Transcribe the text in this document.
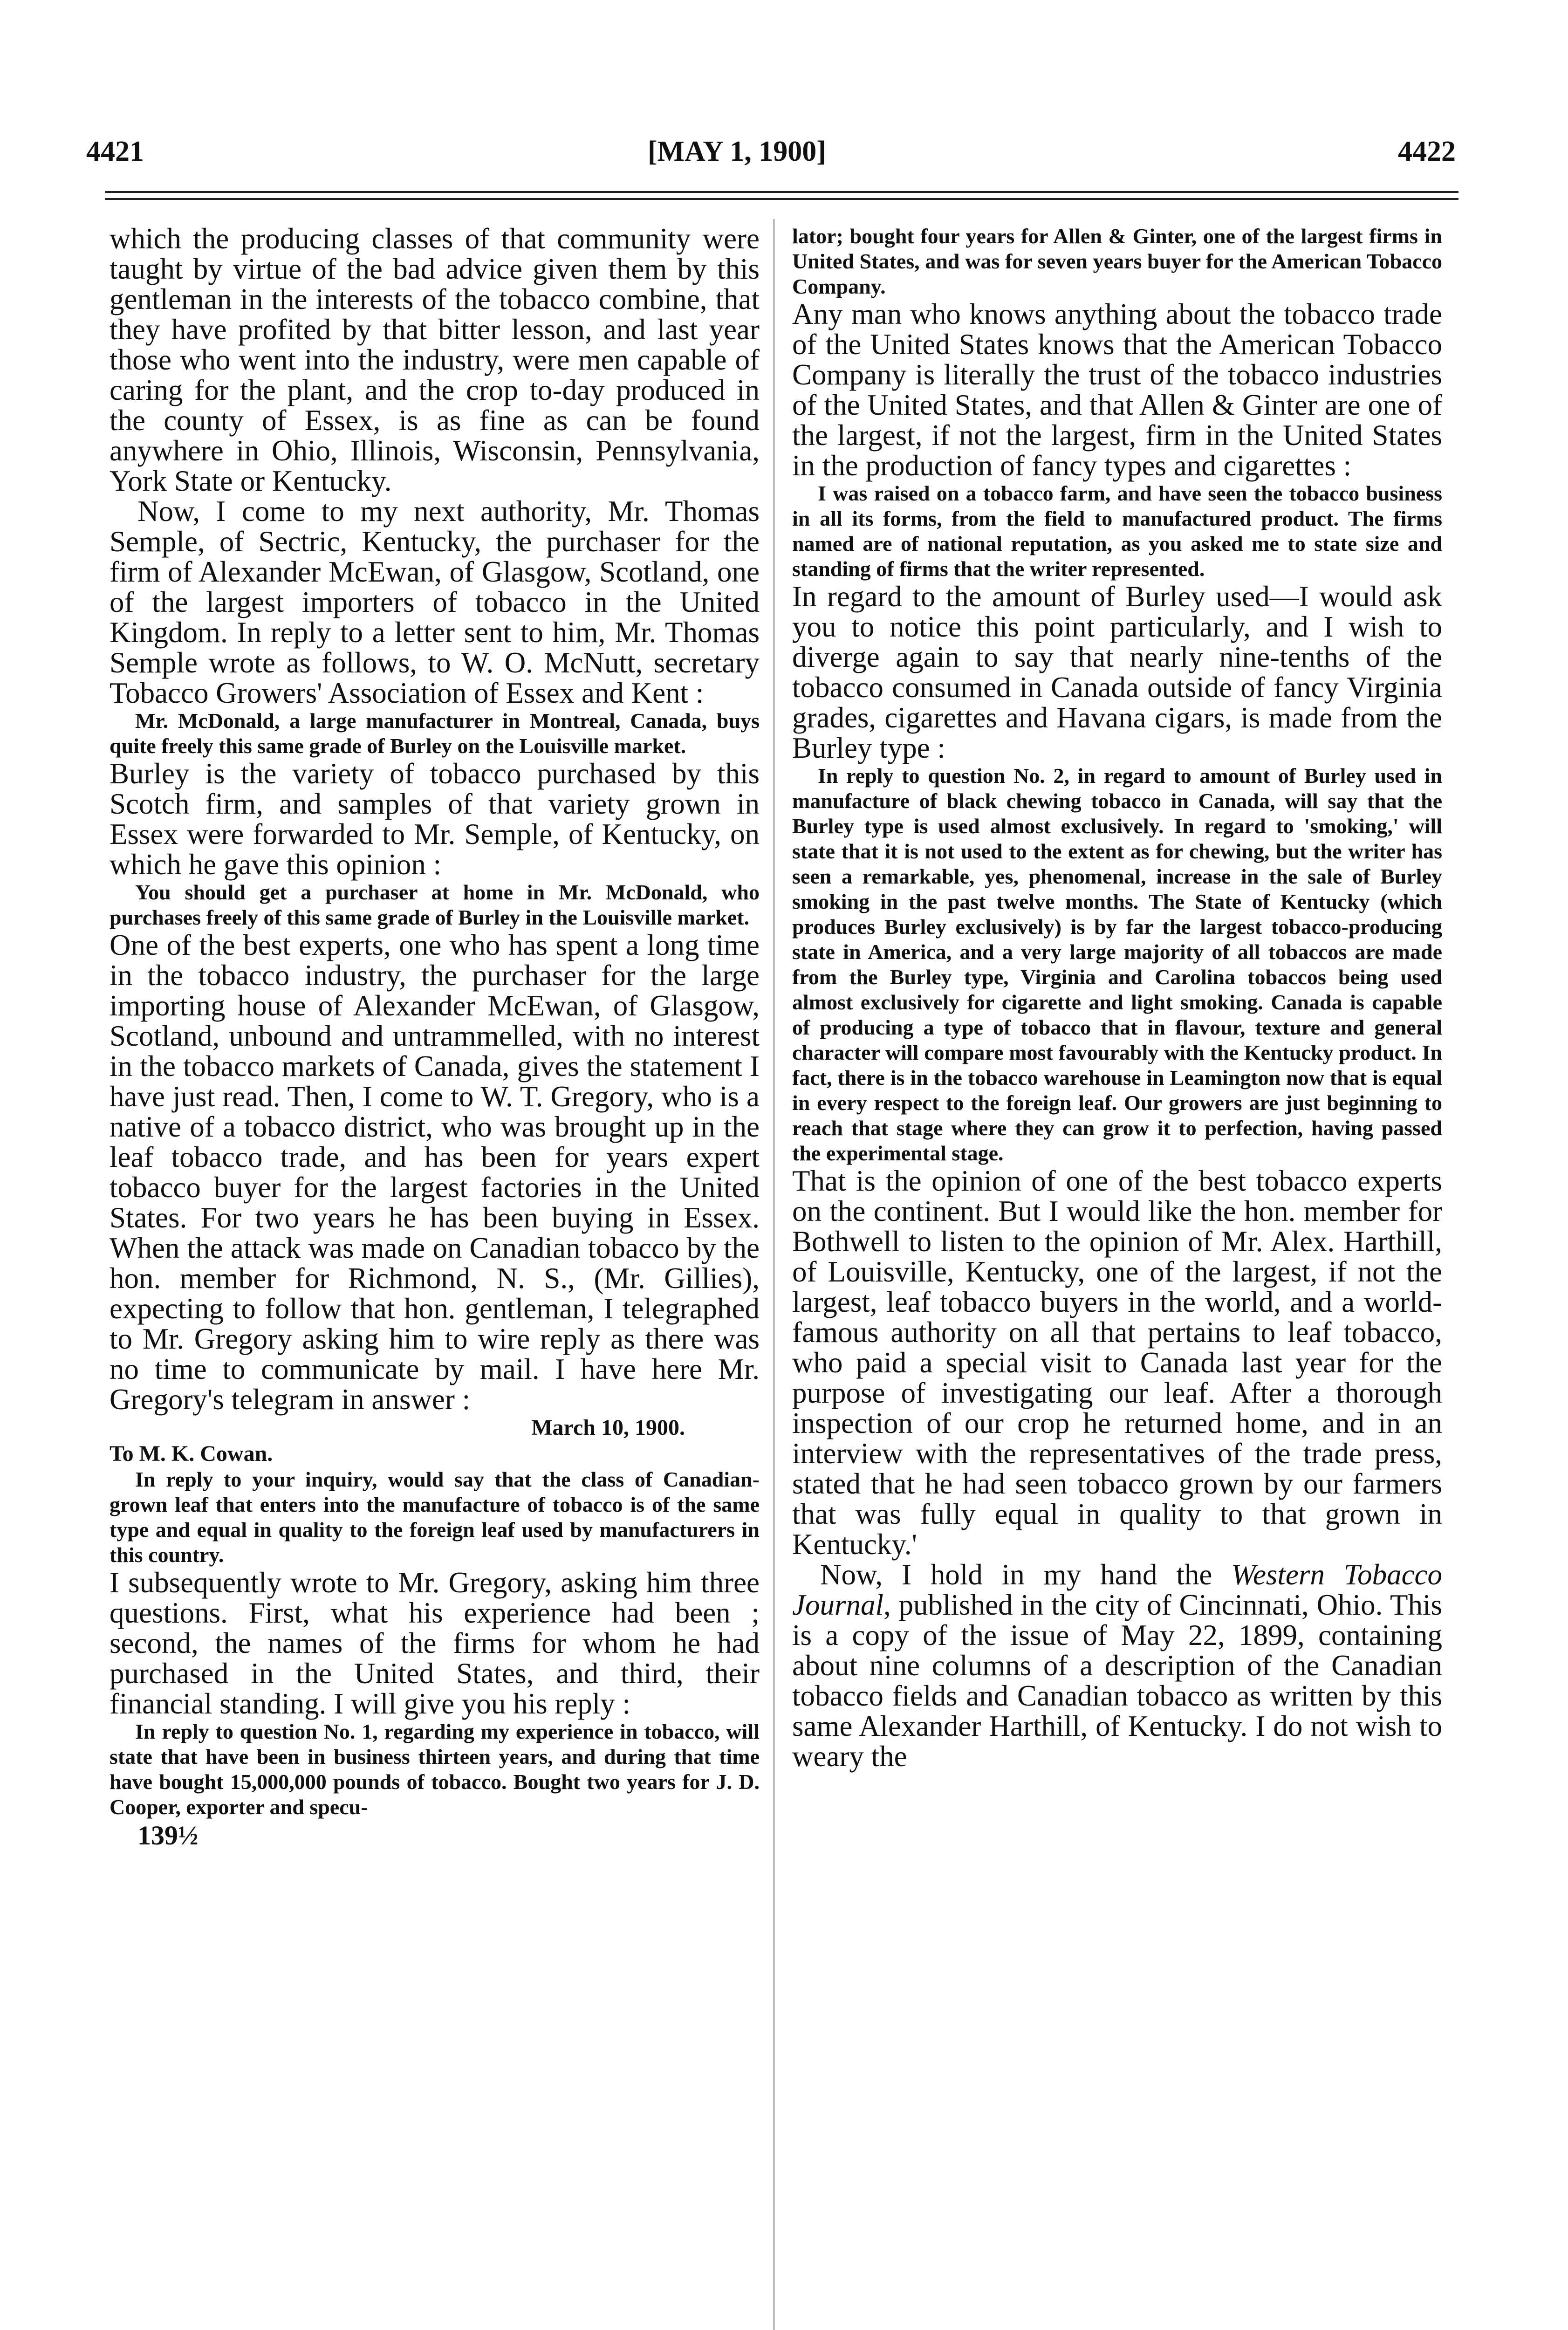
4421	[MAY 1, 1900]	4422

which the producing classes of that community were taught by virtue of the bad advice given them by this gentleman in the interests of the tobacco combine, that they have profited by that bitter lesson, and last year those who went into the industry, were men capable of caring for the plant, and the crop to-day produced in the county of Essex, is as fine as can be found anywhere in Ohio, Illinois, Wisconsin, Pennsylvania, York State or Kentucky.

Now, I come to my next authority, Mr. Thomas Semple, of Sectric, Kentucky, the purchaser for the firm of Alexander McEwan, of Glasgow, Scotland, one of the largest importers of tobacco in the United Kingdom. In reply to a letter sent to him, Mr. Thomas Semple wrote as follows, to W. O. McNutt, secretary Tobacco Growers' Association of Essex and Kent :

Mr. McDonald, a large manufacturer in Montreal, Canada, buys quite freely this same grade of Burley on the Louisville market.

Burley is the variety of tobacco purchased by this Scotch firm, and samples of that variety grown in Essex were forwarded to Mr. Semple, of Kentucky, on which he gave this opinion :

You should get a purchaser at home in Mr. McDonald, who purchases freely of this same grade of Burley in the Louisville market.

One of the best experts, one who has spent a long time in the tobacco industry, the purchaser for the large importing house of Alexander McEwan, of Glasgow, Scotland, unbound and untrammelled, with no interest in the tobacco markets of Canada, gives the statement I have just read. Then, I come to W. T. Gregory, who is a native of a tobacco district, who was brought up in the leaf tobacco trade, and has been for years expert tobacco buyer for the largest factories in the United States. For two years he has been buying in Essex. When the attack was made on Canadian tobacco by the hon. member for Richmond, N. S., (Mr. Gillies), expecting to follow that hon. gentleman, I telegraphed to Mr. Gregory asking him to wire reply as there was no time to communicate by mail. I have here Mr. Gregory's telegram in answer :

March 10, 1900.

To M. K. Cowan.

In reply to your inquiry, would say that the class of Canadian-grown leaf that enters into the manufacture of tobacco is of the same type and equal in quality to the foreign leaf used by manufacturers in this country.

I subsequently wrote to Mr. Gregory, asking him three questions. First, what his experience had been ; second, the names of the firms for whom he had purchased in the United States, and third, their financial standing. I will give you his reply :

In reply to question No. 1, regarding my experience in tobacco, will state that have been in business thirteen years, and during that time have bought 15,000,000 pounds of tobacco. Bought two years for J. D. Cooper, exporter and specu-

139½

lator; bought four years for Allen & Ginter, one of the largest firms in United States, and was for seven years buyer for the American Tobacco Company.

Any man who knows anything about the tobacco trade of the United States knows that the American Tobacco Company is literally the trust of the tobacco industries of the United States, and that Allen & Ginter are one of the largest, if not the largest, firm in the United States in the production of fancy types and cigarettes :

I was raised on a tobacco farm, and have seen the tobacco business in all its forms, from the field to manufactured product. The firms named are of national reputation, as you asked me to state size and standing of firms that the writer represented.

In regard to the amount of Burley used—I would ask you to notice this point particularly, and I wish to diverge again to say that nearly nine-tenths of the tobacco consumed in Canada outside of fancy Virginia grades, cigarettes and Havana cigars, is made from the Burley type :

In reply to question No. 2, in regard to amount of Burley used in manufacture of black chewing tobacco in Canada, will say that the Burley type is used almost exclusively. In regard to 'smoking,' will state that it is not used to the extent as for chewing, but the writer has seen a remarkable, yes, phenomenal, increase in the sale of Burley smoking in the past twelve months. The State of Kentucky (which produces Burley exclusively) is by far the largest tobacco-producing state in America, and a very large majority of all tobaccos are made from the Burley type, Virginia and Carolina tobaccos being used almost exclusively for cigarette and light smoking. Canada is capable of producing a type of tobacco that in flavour, texture and general character will compare most favourably with the Kentucky product. In fact, there is in the tobacco warehouse in Leamington now that is equal in every respect to the foreign leaf. Our growers are just beginning to reach that stage where they can grow it to perfection, having passed the experimental stage.

That is the opinion of one of the best tobacco experts on the continent. But I would like the hon. member for Bothwell to listen to the opinion of Mr. Alex. Harthill, of Louisville, Kentucky, one of the largest, if not the largest, leaf tobacco buyers in the world, and a world-famous authority on all that pertains to leaf tobacco, who paid a special visit to Canada last year for the purpose of investigating our leaf. After a thorough inspection of our crop he returned home, and in an interview with the representatives of the trade press, stated that he had seen tobacco grown by our farmers that was fully equal in quality to that grown in Kentucky.'

Now, I hold in my hand the Western Tobacco Journal, published in the city of Cincinnati, Ohio. This is a copy of the issue of May 22, 1899, containing about nine columns of a description of the Canadian tobacco fields and Canadian tobacco as written by this same Alexander Harthill, of Kentucky. I do not wish to weary the
